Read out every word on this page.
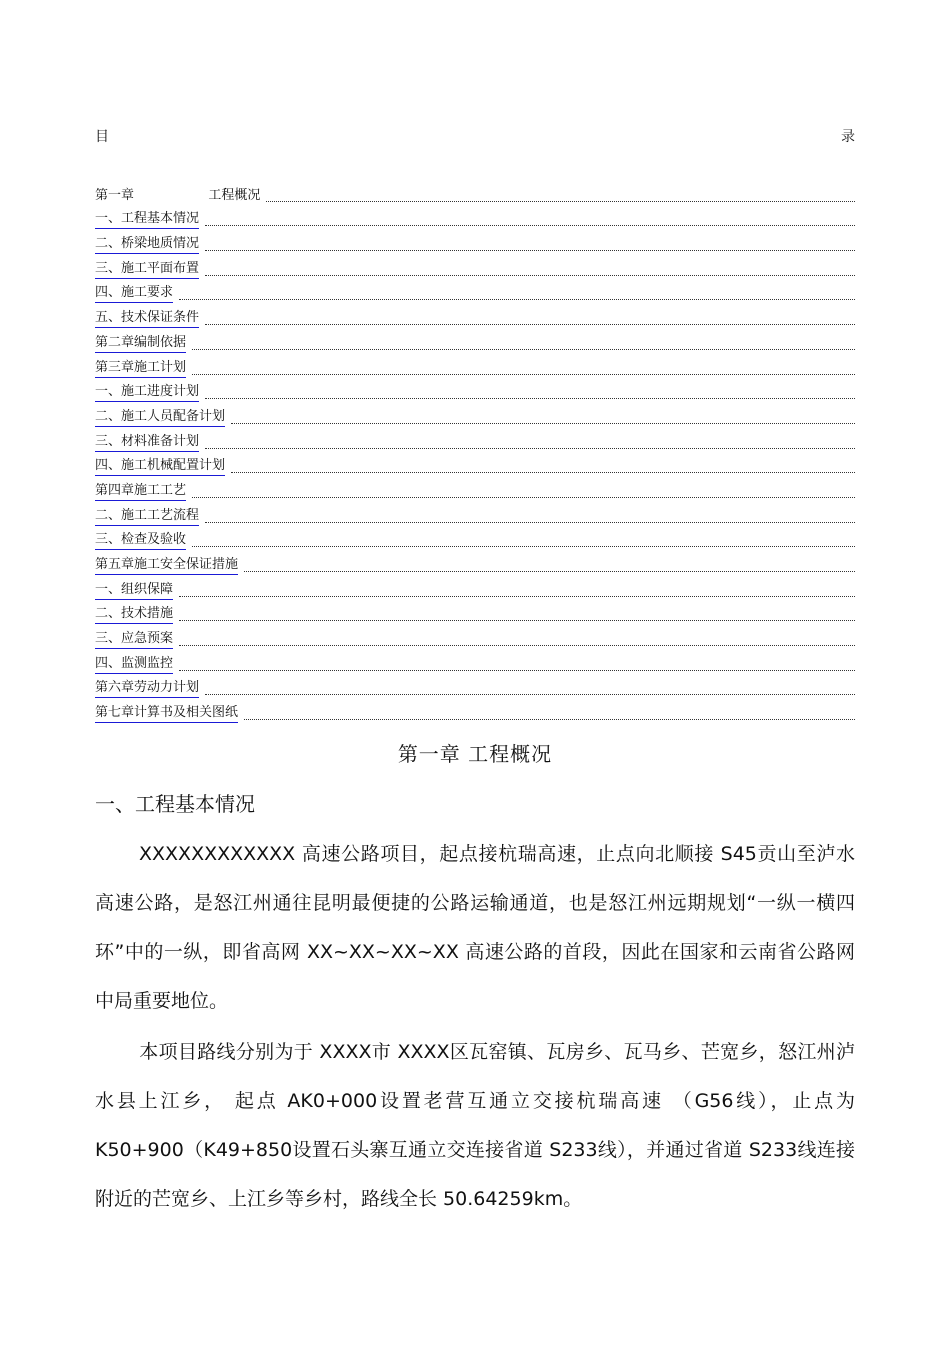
目	录
第一章                  工程概况
一、工程基本情况
二、桥梁地质情况
三、施工平面布置
四、施工要求
五、技术保证条件
第二章编制依据
第三章施工计划
一、施工进度计划
二、施工人员配备计划
三、材料准备计划
四、施工机械配置计划
第四章施工工艺
二、施工工艺流程
三、检查及验收
第五章施工安全保证措施
一、组织保障
二、技术措施
三、应急预案
四、监测监控
第六章劳动力计划
第七章计算书及相关图纸
第一章 工程概况
一、工程基本情况
XXXXXXXXXXXX 高速公路项目，起点接杭瑞高速，止点向北顺接 S45贡山至泸水高速公路，是怒江州通往昆明最便捷的公路运输通道，也是怒江州远期规划“一纵一横四环”中的一纵，即省高网 XX~XX~XX~XX 高速公路的首段，因此在国家和云南省公路网中局重要地位。
本项目路线分别为于 XXXX市 XXXX区瓦窑镇、瓦房乡、瓦马乡、芒宽乡，怒江州泸水县上江乡， 起点 AK0+000设置老营互通立交接杭瑞高速 （G56线），止点为 K50+900（K49+850设置石头寨互通立交连接省道 S233线），并通过省道 S233线连接附近的芒宽乡、上江乡等乡村，路线全长 50.64259km。
